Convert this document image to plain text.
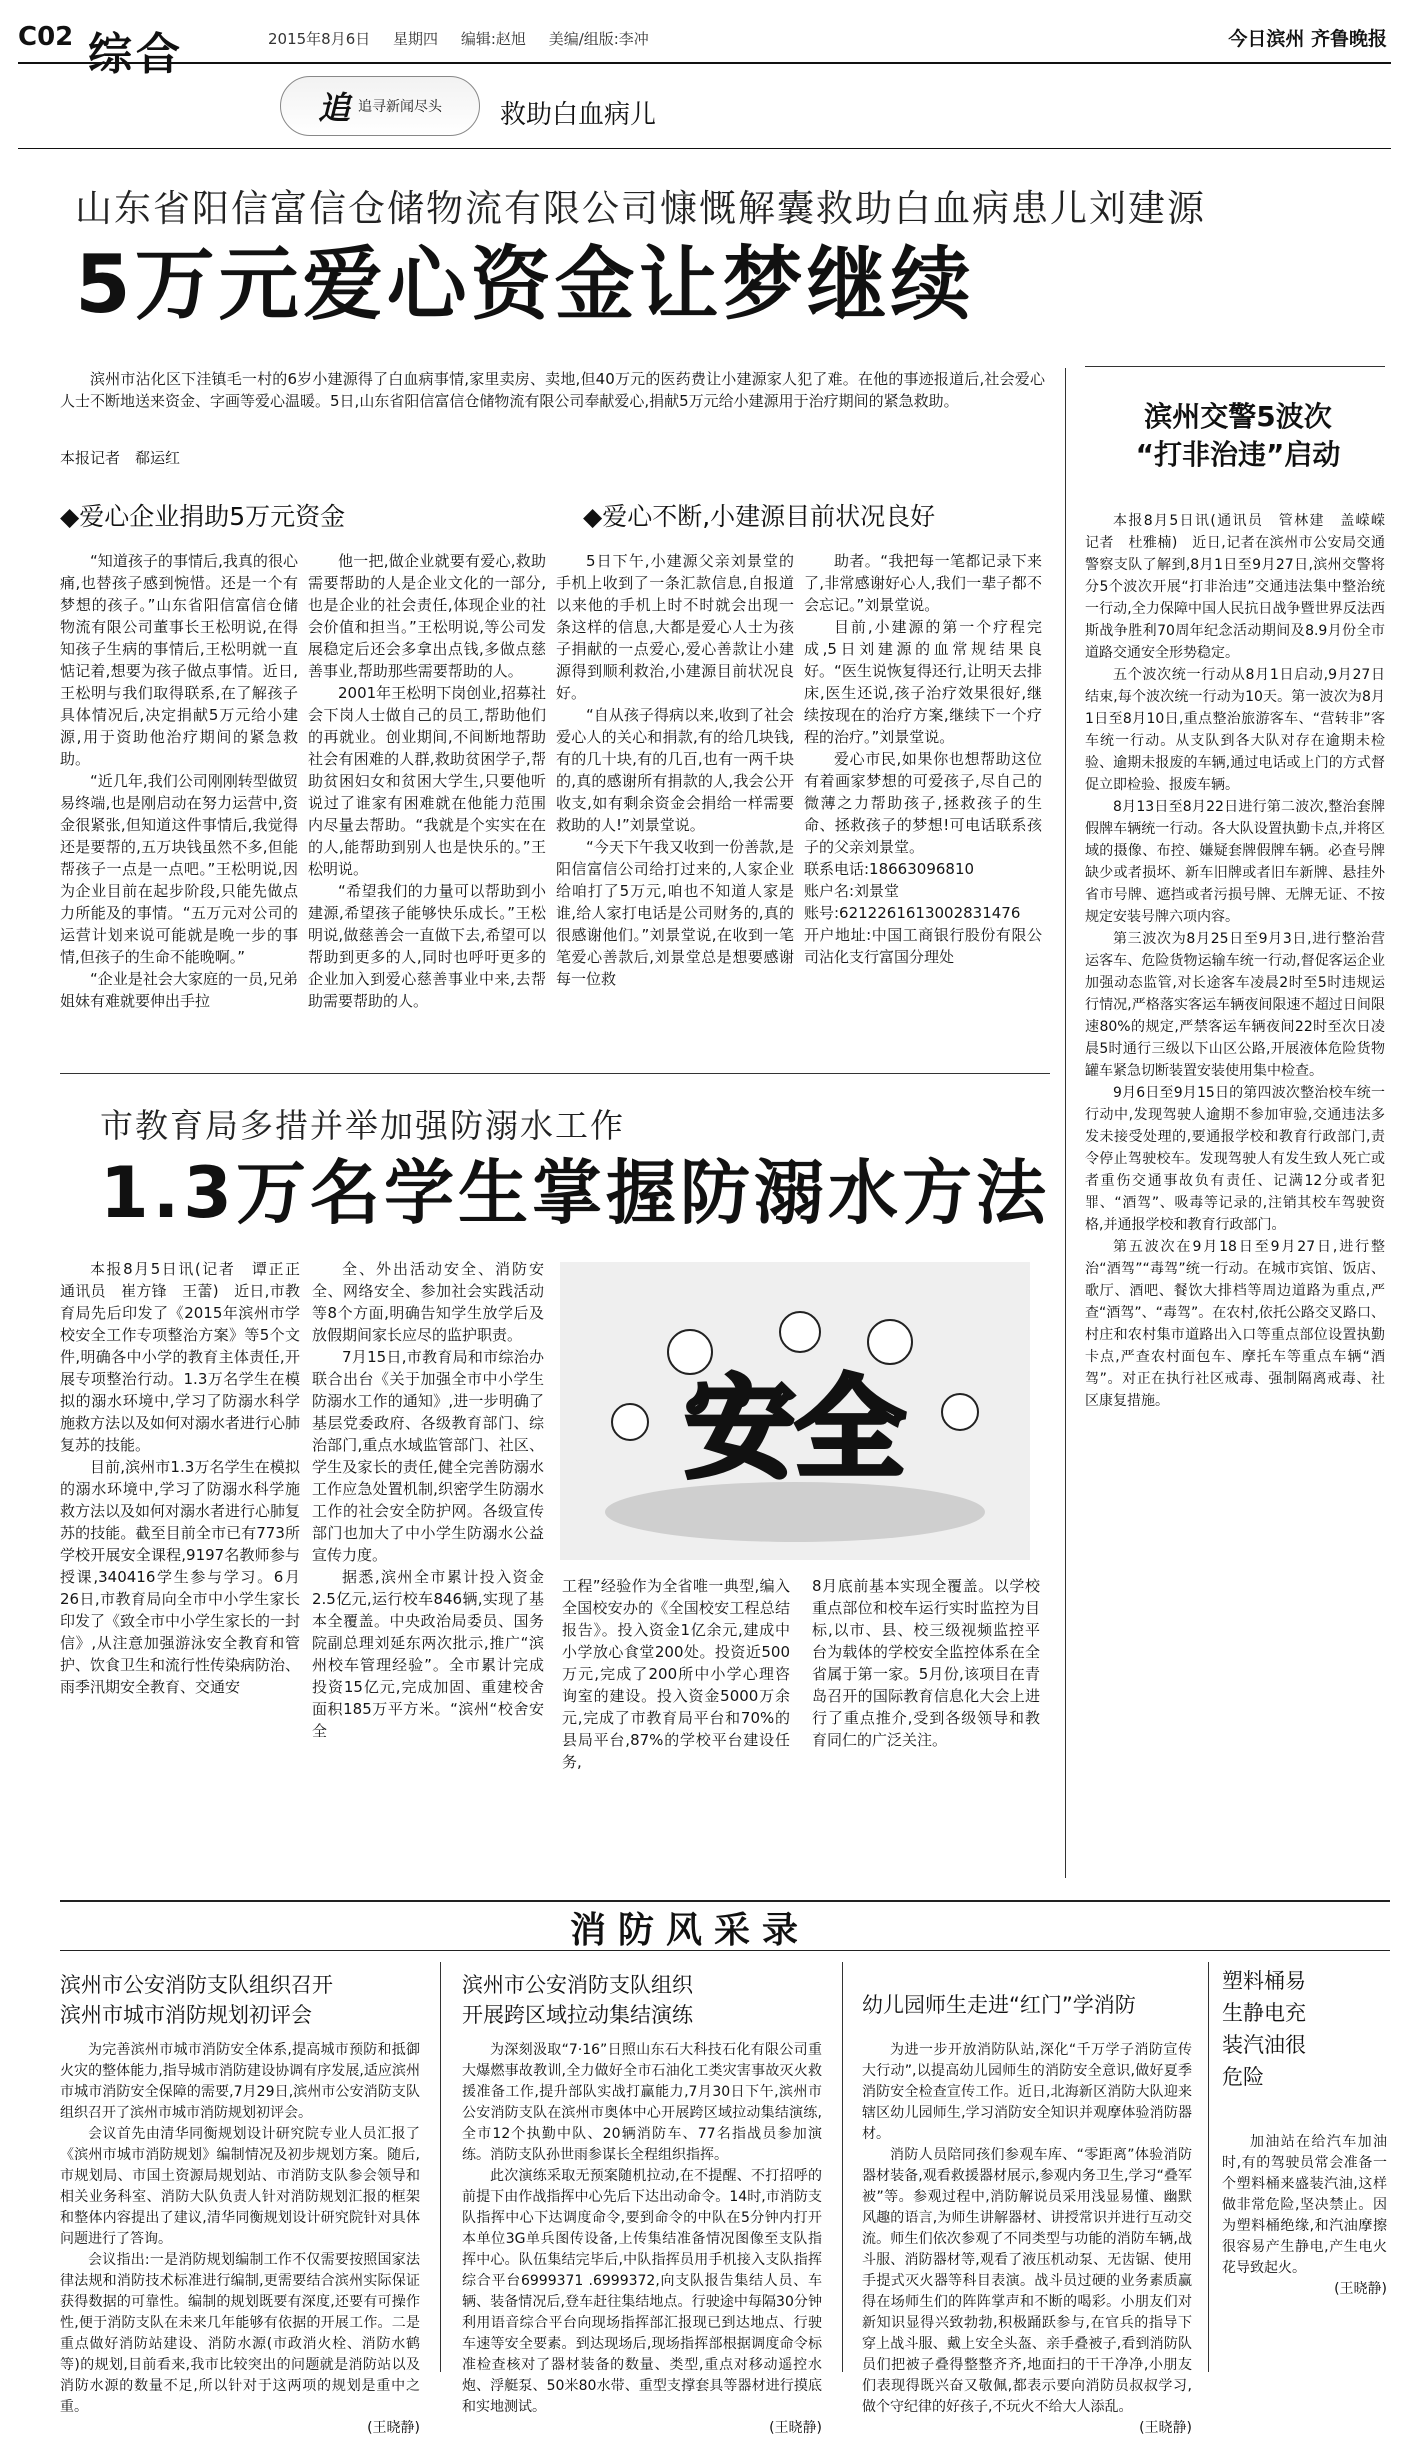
C02 综合	2015年8月6日 星期四 编辑:赵旭 美编/组版:李冲	今日滨州 齐鲁晚报
追 追寻新闻尽头 救助白血病儿
山东省阳信富信仓储物流有限公司慷慨解囊救助白血病患儿刘建源
5万元爱心资金让梦继续

滨州市沾化区下洼镇毛一村的6岁小建源得了白血病事情,家里卖房、卖地,但40万元的医药费让小建源家人犯了难。在他的事迹报道后,社会爱心人士不断地送来资金、字画等爱心温暖。5日,山东省阳信富信仓储物流有限公司奉献爱心,捐献5万元给小建源用于治疗期间的紧急救助。

本报记者　郗运红
◆爱心企业捐助5万元资金	◆爱心不断,小建源目前状况良好

“知道孩子的事情后,我真的很心痛,也替孩子感到惋惜。还是一个有梦想的孩子。”山东省阳信富信仓储物流有限公司董事长王松明说,在得知孩子生病的事情后,王松明就一直惦记着,想要为孩子做点事情。近日,王松明与我们取得联系,在了解孩子具体情况后,决定捐献5万元给小建源,用于资助他治疗期间的紧急救助。

“近几年,我们公司刚刚转型做贸易终端,也是刚启动在努力运营中,资金很紧张,但知道这件事情后,我觉得还是要帮的,五万块钱虽然不多,但能帮孩子一点是一点吧。”王松明说,因为企业目前在起步阶段,只能先做点力所能及的事情。“五万元对公司的运营计划来说可能就是晚一步的事情,但孩子的生命不能晚啊。”

“企业是社会大家庭的一员,兄弟姐妹有难就要伸出手拉

他一把,做企业就要有爱心,救助需要帮助的人是企业文化的一部分,也是企业的社会责任,体现企业的社会价值和担当。”王松明说,等公司发展稳定后还会多拿出点钱,多做点慈善事业,帮助那些需要帮助的人。

2001年王松明下岗创业,招募社会下岗人士做自己的员工,帮助他们的再就业。创业期间,不间断地帮助社会有困难的人群,救助贫困学子,帮助贫困妇女和贫困大学生,只要他听说过了谁家有困难就在他能力范围内尽量去帮助。“我就是个实实在在的人,能帮助到别人也是快乐的。”王松明说。

“希望我们的力量可以帮助到小建源,希望孩子能够快乐成长。”王松明说,做慈善会一直做下去,希望可以帮助到更多的人,同时也呼吁更多的企业加入到爱心慈善事业中来,去帮助需要帮助的人。

5日下午,小建源父亲刘景堂的手机上收到了一条汇款信息,自报道以来他的手机上时不时就会出现一条这样的信息,大都是爱心人士为孩子捐献的一点爱心,爱心善款让小建源得到顺利救治,小建源目前状况良好。

“自从孩子得病以来,收到了社会爱心人的关心和捐款,有的给几块钱,有的几十块,有的几百,也有一两千块的,真的感谢所有捐款的人,我会公开收支,如有剩余资金会捐给一样需要救助的人!”刘景堂说。

“今天下午我又收到一份善款,是阳信富信公司给打过来的,人家企业给咱打了5万元,咱也不知道人家是谁,给人家打电话是公司财务的,真的很感谢他们。”刘景堂说,在收到一笔笔爱心善款后,刘景堂总是想要感谢每一位救

助者。“我把每一笔都记录下来了,非常感谢好心人,我们一辈子都不会忘记。”刘景堂说。

目前,小建源的第一个疗程完成,5日刘建源的血常规结果良好。“医生说恢复得还行,让明天去排床,医生还说,孩子治疗效果很好,继续按现在的治疗方案,继续下一个疗程的治疗。”刘景堂说。

爱心市民,如果你也想帮助这位有着画家梦想的可爱孩子,尽自己的微薄之力帮助孩子,拯救孩子的生命、拯救孩子的梦想!可电话联系孩子的父亲刘景堂。

联系电话:18663096810

账户名:刘景堂

账号:6212261613002831476

开户地址:中国工商银行股份有限公司沾化支行富国分理处

滨州交警5波次
“打非治违”启动

本报8月5日讯(通讯员　管林建　盖嵘嵘　记者　杜雅楠)　近日,记者在滨州市公安局交通警察支队了解到,8月1日至9月27日,滨州交警将分5个波次开展“打非治违”交通违法集中整治统一行动,全力保障中国人民抗日战争暨世界反法西斯战争胜利70周年纪念活动期间及8.9月份全市道路交通安全形势稳定。

五个波次统一行动从8月1日启动,9月27日结束,每个波次统一行动为10天。第一波次为8月1日至8月10日,重点整治旅游客车、“营转非”客车统一行动。从支队到各大队对存在逾期未检验、逾期未报废的车辆,通过电话或上门的方式督促立即检验、报废车辆。

8月13日至8月22日进行第二波次,整治套牌假牌车辆统一行动。各大队设置执勤卡点,并将区域的摄像、布控、嫌疑套牌假牌车辆。必查号牌缺少或者损坏、新车旧牌或者旧车新牌、悬挂外省市号牌、遮挡或者污损号牌、无牌无证、不按规定安装号牌六项内容。

第三波次为8月25日至9月3日,进行整治营运客车、危险货物运输车统一行动,督促客运企业加强动态监管,对长途客车凌晨2时至5时违规运行情况,严格落实客运车辆夜间限速不超过日间限速80%的规定,严禁客运车辆夜间22时至次日凌晨5时通行三级以下山区公路,开展液体危险货物罐车紧急切断装置安装使用集中检查。

9月6日至9月15日的第四波次整治校车统一行动中,发现驾驶人逾期不参加审验,交通违法多发未接受处理的,要通报学校和教育行政部门,责令停止驾驶校车。发现驾驶人有发生致人死亡或者重伤交通事故负有责任、记满12分或者犯罪、“酒驾”、吸毒等记录的,注销其校车驾驶资格,并通报学校和教育行政部门。

第五波次在9月18日至9月27日,进行整治“酒驾”“毒驾”统一行动。在城市宾馆、饭店、歌厅、酒吧、餐饮大排档等周边道路为重点,严查“酒驾”、“毒驾”。在农村,依托公路交叉路口、村庄和农村集市道路出入口等重点部位设置执勤卡点,严查农村面包车、摩托车等重点车辆“酒驾”。对正在执行社区戒毒、强制隔离戒毒、社区康复措施。

市教育局多措并举加强防溺水工作
1.3万名学生掌握防溺水方法

本报8月5日讯(记者　谭正正　通讯员　崔方锋　王蕾)　近日,市教育局先后印发了《2015年滨州市学校安全工作专项整治方案》等5个文件,明确各中小学的教育主体责任,开展专项整治行动。1.3万名学生在模拟的溺水环境中,学习了防溺水科学施救方法以及如何对溺水者进行心肺复苏的技能。

目前,滨州市1.3万名学生在模拟的溺水环境中,学习了防溺水科学施救方法以及如何对溺水者进行心肺复苏的技能。截至目前全市已有773所学校开展安全课程,9197名教师参与授课,340416学生参与学习。6月26日,市教育局向全市中小学生家长印发了《致全市中小学生家长的一封信》,从注意加强游泳安全教育和管护、饮食卫生和流行性传染病防治、雨季汛期安全教育、交通安

全、外出活动安全、消防安全、网络安全、参加社会实践活动等8个方面,明确告知学生放学后及放假期间家长应尽的监护职责。

7月15日,市教育局和市综治办联合出台《关于加强全市中小学生防溺水工作的通知》,进一步明确了基层党委政府、各级教育部门、综治部门,重点水域监管部门、社区、学生及家长的责任,健全完善防溺水工作应急处置机制,织密学生防溺水工作的社会安全防护网。各级宣传部门也加大了中小学生防溺水公益宣传力度。

据悉,滨州全市累计投入资金2.5亿元,运行校车846辆,实现了基本全覆盖。中央政治局委员、国务院副总理刘延东两次批示,推广“滨州校车管理经验”。全市累计完成投资15亿元,完成加固、重建校舍面积185万平方米。“滨州“校舍安全

安全

工程”经验作为全省唯一典型,编入全国校安办的《全国校安工程总结报告》。投入资金1亿余元,建成中小学放心食堂200处。投资近500万元,完成了200所中小学心理咨询室的建设。投入资金5000万余元,完成了市教育局平台和70%的县局平台,87%的学校平台建设任务,

8月底前基本实现全覆盖。以学校重点部位和校车运行实时监控为目标,以市、县、校三级视频监控平台为载体的学校安全监控体系在全省属于第一家。5月份,该项目在青岛召开的国际教育信息化大会上进行了重点推介,受到各级领导和教育同仁的广泛关注。

消防风采录
滨州市公安消防支队组织召开
滨州市城市消防规划初评会

为完善滨州市城市消防安全体系,提高城市预防和抵御火灾的整体能力,指导城市消防建设协调有序发展,适应滨州市城市消防安全保障的需要,7月29日,滨州市公安消防支队组织召开了滨州市城市消防规划初评会。

会议首先由清华同衡规划设计研究院专业人员汇报了《滨州市城市消防规划》编制情况及初步规划方案。随后,市规划局、市国土资源局规划站、市消防支队参会领导和相关业务科室、消防大队负责人针对消防规划汇报的框架和整体内容提出了建议,清华同衡规划设计研究院针对具体问题进行了答询。

会议指出:一是消防规划编制工作不仅需要按照国家法律法规和消防技术标准进行编制,更需要结合滨州实际保证获得数据的可靠性。编制的规划既要有深度,还要有可操作性,便于消防支队在未来几年能够有依据的开展工作。二是重点做好消防站建设、消防水源(市政消火栓、消防水鹤等)的规划,目前看来,我市比较突出的问题就是消防站以及消防水源的数量不足,所以针对于这两项的规划是重中之重。

(王晓静)
滨州市公安消防支队组织
开展跨区域拉动集结演练

为深刻汲取“7·16”日照山东石大科技石化有限公司重大爆燃事故教训,全力做好全市石油化工类灾害事故灭火救援准备工作,提升部队实战打赢能力,7月30日下午,滨州市公安消防支队在滨州市奥体中心开展跨区域拉动集结演练,全市12个执勤中队、20辆消防车、77名指战员参加演练。消防支队孙世雨参谋长全程组织指挥。

此次演练采取无预案随机拉动,在不提醒、不打招呼的前提下由作战指挥中心先后下达出动命令。14时,市消防支队指挥中心下达调度命令,要到命令的中队在5分钟内打开本单位3G单兵图传设备,上传集结准备情况图像至支队指挥中心。队伍集结完毕后,中队指挥员用手机接入支队指挥综合平台6999371 .6999372,向支队报告集结人员、车辆、装备情况后,登车赶往集结地点。行驶途中每隔30分钟利用语音综合平台向现场指挥部汇报现已到达地点、行驶车速等安全要素。到达现场后,现场指挥部根据调度命令标准检查核对了器材装备的数量、类型,重点对移动遥控水炮、浮艇泵、50米80水带、重型支撑套具等器材进行摸底和实地测试。

(王晓静)
幼儿园师生走进“红门”学消防

为进一步开放消防队站,深化“千万学子消防宣传大行动”,以提高幼儿园师生的消防安全意识,做好夏季消防安全检查宣传工作。近日,北海新区消防大队迎来辖区幼儿园师生,学习消防安全知识并观摩体验消防器材。

消防人员陪同孩们参观车库、“零距离”体验消防器材装备,观看救援器材展示,参观内务卫生,学习“叠军被”等。参观过程中,消防解说员采用浅显易懂、幽默风趣的语言,为师生讲解器材、讲授常识并进行互动交流。师生们依次参观了不同类型与功能的消防车辆,战斗服、消防器材等,观看了液压机动泵、无齿锯、使用手提式灭火器等科目表演。战斗员过硬的业务素质赢得在场师生们的阵阵掌声和不断的喝彩。小朋友们对新知识显得兴致勃勃,积极踊跃参与,在官兵的指导下穿上战斗服、戴上安全头盔、亲手叠被子,看到消防队员们把被子叠得整整齐齐,地面扫的干干净净,小朋友们表现得既兴奋又敬佩,都表示要向消防员叔叔学习,做个守纪律的好孩子,不玩火不给大人添乱。

(王晓静)
塑料桶易生静电充装汽油很危险

加油站在给汽车加油时,有的驾驶员常会准备一个塑料桶来盛装汽油,这样做非常危险,坚决禁止。因为塑料桶绝缘,和汽油摩擦很容易产生静电,产生电火花导致起火。

(王晓静)
